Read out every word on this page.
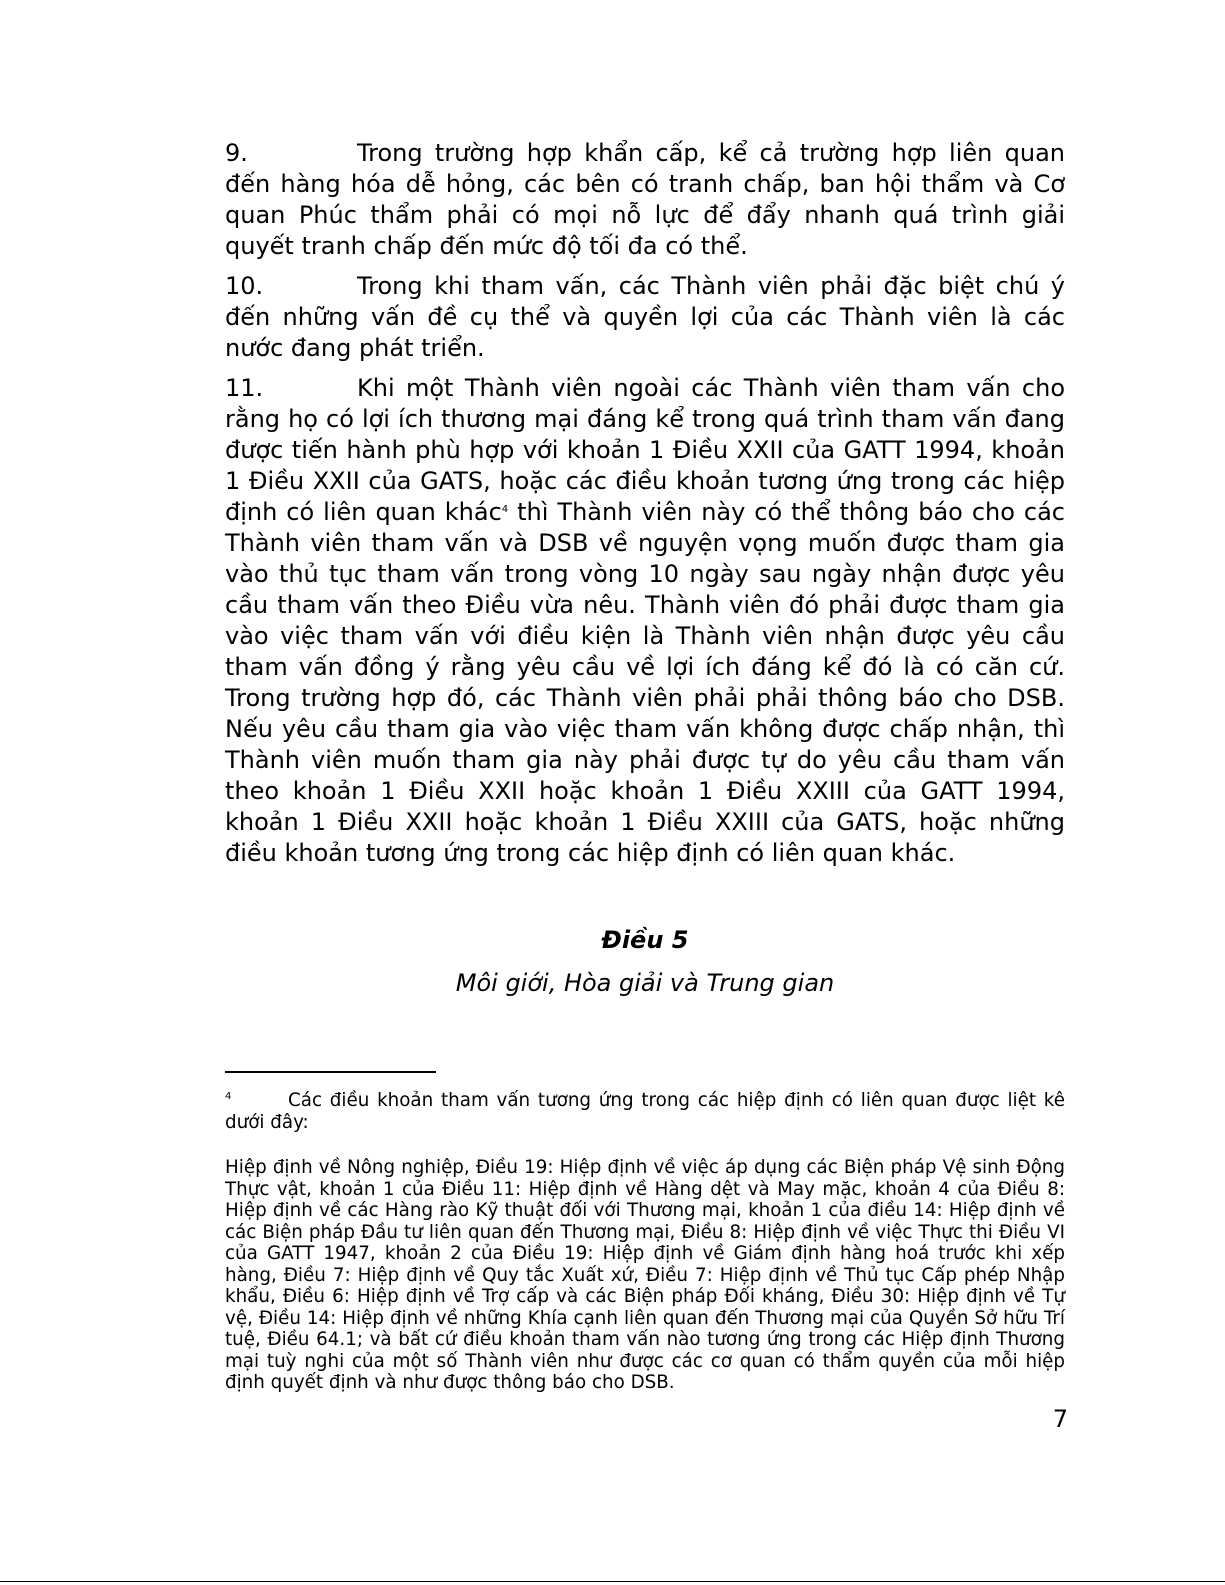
9.	Trong trường hợp khẩn cấp, kể cả trường hợp liên quan đến hàng hóa dễ hỏng, các bên có tranh chấp, ban hội thẩm và Cơ quan Phúc thẩm phải có mọi nỗ lực để đẩy nhanh quá trình giải quyết tranh chấp đến mức độ tối đa có thể.

10.	Trong khi tham vấn, các Thành viên phải đặc biệt chú ý đến những vấn đề cụ thể và quyền lợi của các Thành viên là các nước đang phát triển.

11.	Khi một Thành viên ngoài các Thành viên tham vấn cho rằng họ có lợi ích thương mại đáng kể trong quá trình tham vấn đang được tiến hành phù hợp với khoản 1 Điều XXII của GATT 1994, khoản 1 Điều XXII của GATS, hoặc các điều khoản tương ứng trong các hiệp định có liên quan khác$^4$ thì Thành viên này có thể thông báo cho các Thành viên tham vấn và DSB về nguyện vọng muốn được tham gia vào thủ tục tham vấn trong vòng 10 ngày sau ngày nhận được yêu cầu tham vấn theo Điều vừa nêu. Thành viên đó phải được tham gia vào việc tham vấn với điều kiện là Thành viên nhận được yêu cầu tham vấn đồng ý rằng yêu cầu về lợi ích đáng kể đó là có căn cứ. Trong trường hợp đó, các Thành viên phải phải thông báo cho DSB. Nếu yêu cầu tham gia vào việc tham vấn không được chấp nhận, thì Thành viên muốn tham gia này phải được tự do yêu cầu tham vấn theo khoản 1 Điều XXII hoặc khoản 1 Điều XXIII của GATT 1994, khoản 1 Điều XXII hoặc khoản 1 Điều XXIII của GATS, hoặc những điều khoản tương ứng trong các hiệp định có liên quan khác.

Điều 5
Môi giới, Hòa giải và Trung gian
4	Các điều khoản tham vấn tương ứng trong các hiệp định có liên quan được liệt kê dưới đây:
Hiệp định về Nông nghiệp, Điều 19: Hiệp định về việc áp dụng các Biện pháp Vệ sinh Động Thực vật, khoản 1 của Điều 11: Hiệp định về Hàng dệt và May mặc, khoản 4 của Điều 8: Hiệp định về các Hàng rào Kỹ thuật đối với Thương mại, khoản 1 của điều 14: Hiệp định về các Biện pháp Đầu tư liên quan đến Thương mại, Điều 8: Hiệp định về việc Thực thi Điều VI của GATT 1947, khoản 2 của Điều 19: Hiệp định về Giám định hàng hoá trước khi xếp hàng, Điều 7: Hiệp định về Quy tắc Xuất xứ, Điều 7: Hiệp định về Thủ tục Cấp phép Nhập khẩu, Điều 6: Hiệp định về Trợ cấp và các Biện pháp Đối kháng, Điều 30: Hiệp định về Tự vệ, Điều 14: Hiệp định về những Khía cạnh liên quan đến Thương mại của Quyền Sở hữu Trí tuệ, Điều 64.1; và bất cứ điều khoản tham vấn nào tương ứng trong các Hiệp định Thương mại tuỳ nghi của một số Thành viên như được các cơ quan có thẩm quyền của mỗi hiệp định quyết định và như được thông báo cho DSB.
7
